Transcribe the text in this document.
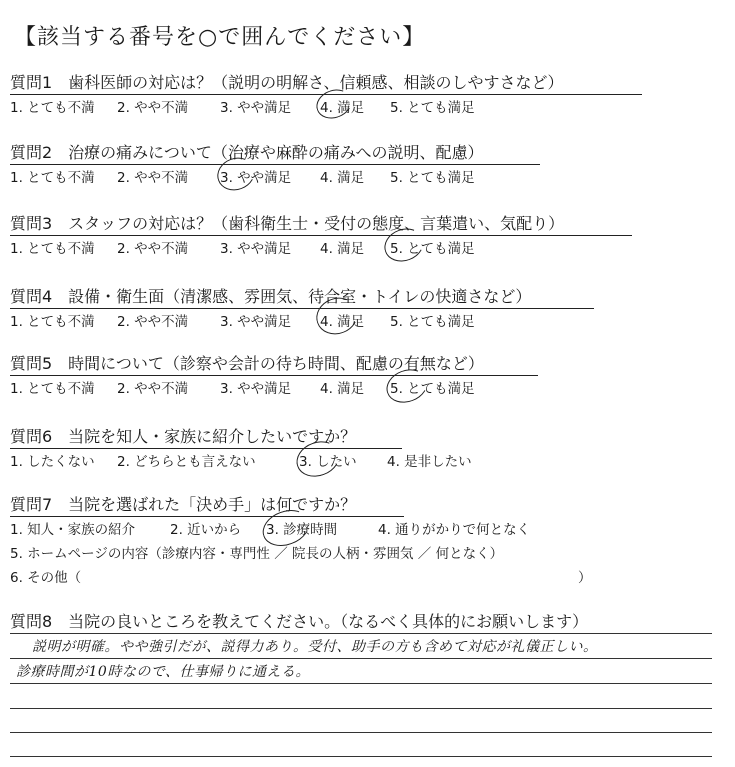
【該当する番号を○で囲んでください】
質問1　歯科医師の対応は？（説明の明解さ、信頼感、相談のしやすさなど）
1. とても不満 2. やや不満 3. やや満足 4. 満足 5. とても満足
質問2　治療の痛みについて（治療や麻酔の痛みへの説明、配慮）
1. とても不満 2. やや不満 3. やや満足 4. 満足 5. とても満足
質問3　スタッフの対応は？（歯科衛生士・受付の態度、言葉遣い、気配り）
1. とても不満 2. やや不満 3. やや満足 4. 満足 5. とても満足
質問4　設備・衛生面（清潔感、雰囲気、待合室・トイレの快適さなど）
1. とても不満 2. やや不満 3. やや満足 4. 満足 5. とても満足
質問5　時間について（診察や会計の待ち時間、配慮の有無など）
1. とても不満 2. やや不満 3. やや満足 4. 満足 5. とても満足
質問6　当院を知人・家族に紹介したいですか？
1. したくない 2. どちらとも言えない	3. したい 4. 是非したい
質問7　当院を選ばれた「決め手」は何ですか？
1. 知人・家族の紹介	2. 近いから 3. 診療時間	4. 通りがかりで何となく
5. ホームページの内容（診療内容・専門性 ／ 院長の人柄・雰囲気 ／ 何となく）
6. その他（	）
質問8　当院の良いところを教えてください。（なるべく具体的にお願いします）
説明が明確。やや強引だが、説得力あり。受付、助手の方も含めて対応が礼儀正しい。
診療時間が10時なので、仕事帰りに通える。
